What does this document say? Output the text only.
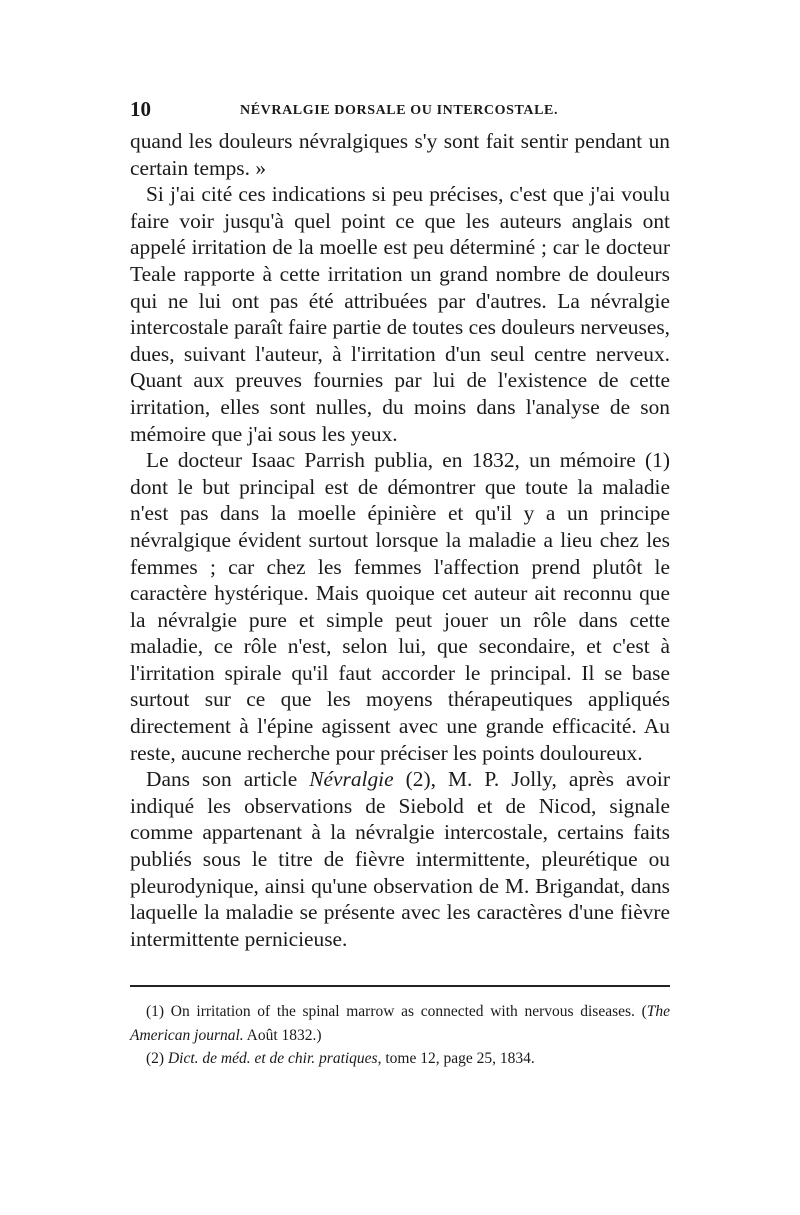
10	NÉVRALGIE DORSALE OU INTERCOSTALE.

quand les douleurs névralgiques s'y sont fait sentir pendant un certain temps. »

Si j'ai cité ces indications si peu précises, c'est que j'ai voulu faire voir jusqu'à quel point ce que les auteurs anglais ont appelé irritation de la moelle est peu déterminé ; car le docteur Teale rapporte à cette irritation un grand nombre de douleurs qui ne lui ont pas été attribuées par d'autres. La névralgie intercostale paraît faire partie de toutes ces douleurs nerveuses, dues, suivant l'auteur, à l'irritation d'un seul centre nerveux. Quant aux preuves fournies par lui de l'existence de cette irritation, elles sont nulles, du moins dans l'analyse de son mémoire que j'ai sous les yeux.

Le docteur Isaac Parrish publia, en 1832, un mémoire (1) dont le but principal est de démontrer que toute la maladie n'est pas dans la moelle épinière et qu'il y a un principe névralgique évident surtout lorsque la maladie a lieu chez les femmes ; car chez les femmes l'affection prend plutôt le caractère hystérique. Mais quoique cet auteur ait reconnu que la névralgie pure et simple peut jouer un rôle dans cette maladie, ce rôle n'est, selon lui, que secondaire, et c'est à l'irritation spirale qu'il faut accorder le principal. Il se base surtout sur ce que les moyens thérapeutiques appliqués directement à l'épine agissent avec une grande efficacité. Au reste, aucune recherche pour préciser les points douloureux.

Dans son article Névralgie (2), M. P. Jolly, après avoir indiqué les observations de Siebold et de Nicod, signale comme appartenant à la névralgie intercostale, certains faits publiés sous le titre de fièvre intermittente, pleurétique ou pleurodynique, ainsi qu'une observation de M. Brigandat, dans laquelle la maladie se présente avec les caractères d'une fièvre intermittente pernicieuse.

(1) On irritation of the spinal marrow as connected with nervous diseases. (The American journal. Août 1832.)

(2) Dict. de méd. et de chir. pratiques, tome 12, page 25, 1834.
